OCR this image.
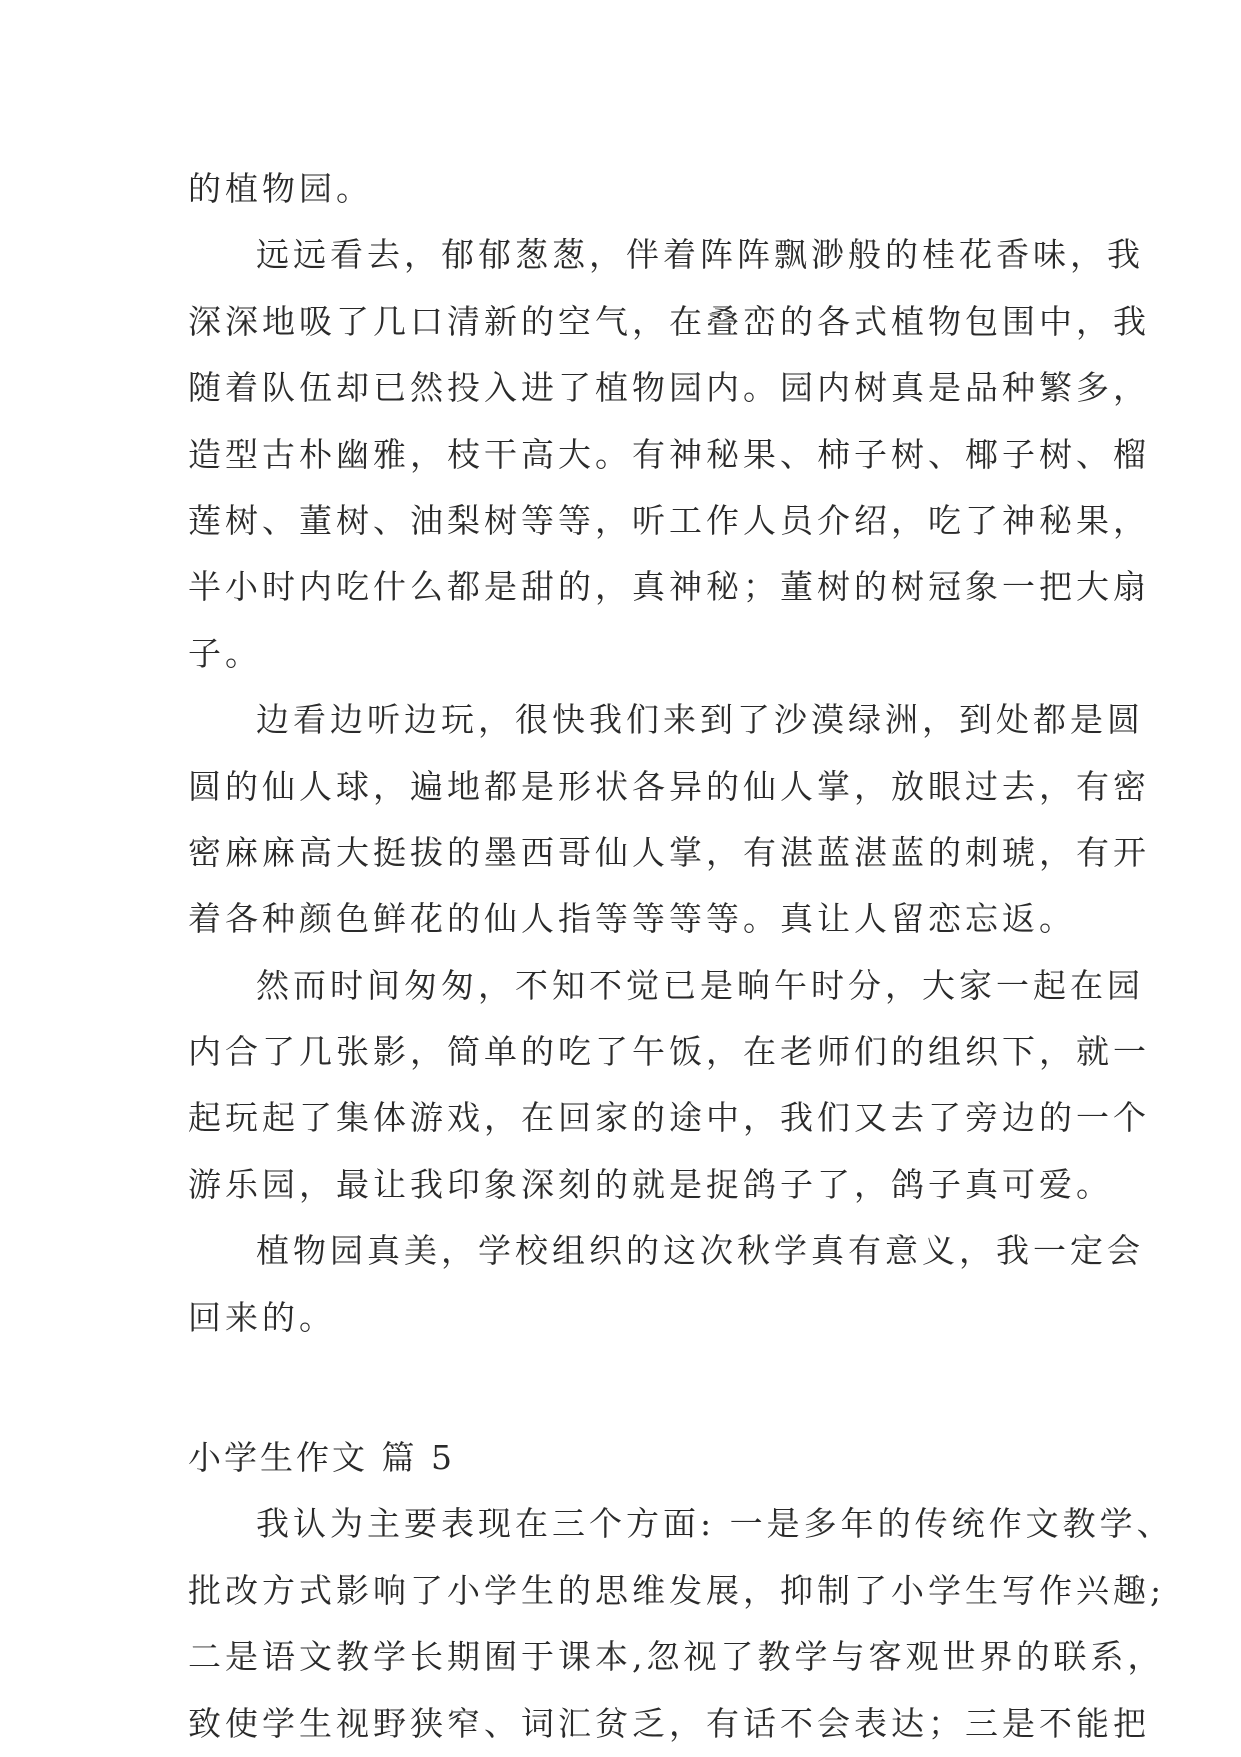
的植物园。
远远看去，郁郁葱葱，伴着阵阵飘渺般的桂花香味，我
深深地吸了几口清新的空气，在叠峦的各式植物包围中，我
随着队伍却已然投入进了植物园内。园内树真是品种繁多，
造型古朴幽雅，枝干高大。有神秘果、柿子树、椰子树、榴
莲树、董树、油梨树等等，听工作人员介绍，吃了神秘果，
半小时内吃什么都是甜的，真神秘；董树的树冠象一把大扇
子。
边看边听边玩，很快我们来到了沙漠绿洲，到处都是圆
圆的仙人球，遍地都是形状各异的仙人掌，放眼过去，有密
密麻麻高大挺拔的墨西哥仙人掌，有湛蓝湛蓝的刺琥，有开
着各种颜色鲜花的仙人指等等等等。真让人留恋忘返。
然而时间匆匆，不知不觉已是晌午时分，大家一起在园
内合了几张影，简单的吃了午饭，在老师们的组织下，就一
起玩起了集体游戏，在回家的途中，我们又去了旁边的一个
游乐园，最让我印象深刻的就是捉鸽子了，鸽子真可爱。
植物园真美，学校组织的这次秋学真有意义，我一定会
回来的。
小学生作文 篇 5
我认为主要表现在三个方面: 一是多年的传统作文教学、
批改方式影响了小学生的思维发展，抑制了小学生写作兴趣;
二是语文教学长期囿于课本,忽视了教学与客观世界的联系，
致使学生视野狭窄、词汇贫乏，有话不会表达；三是不能把
